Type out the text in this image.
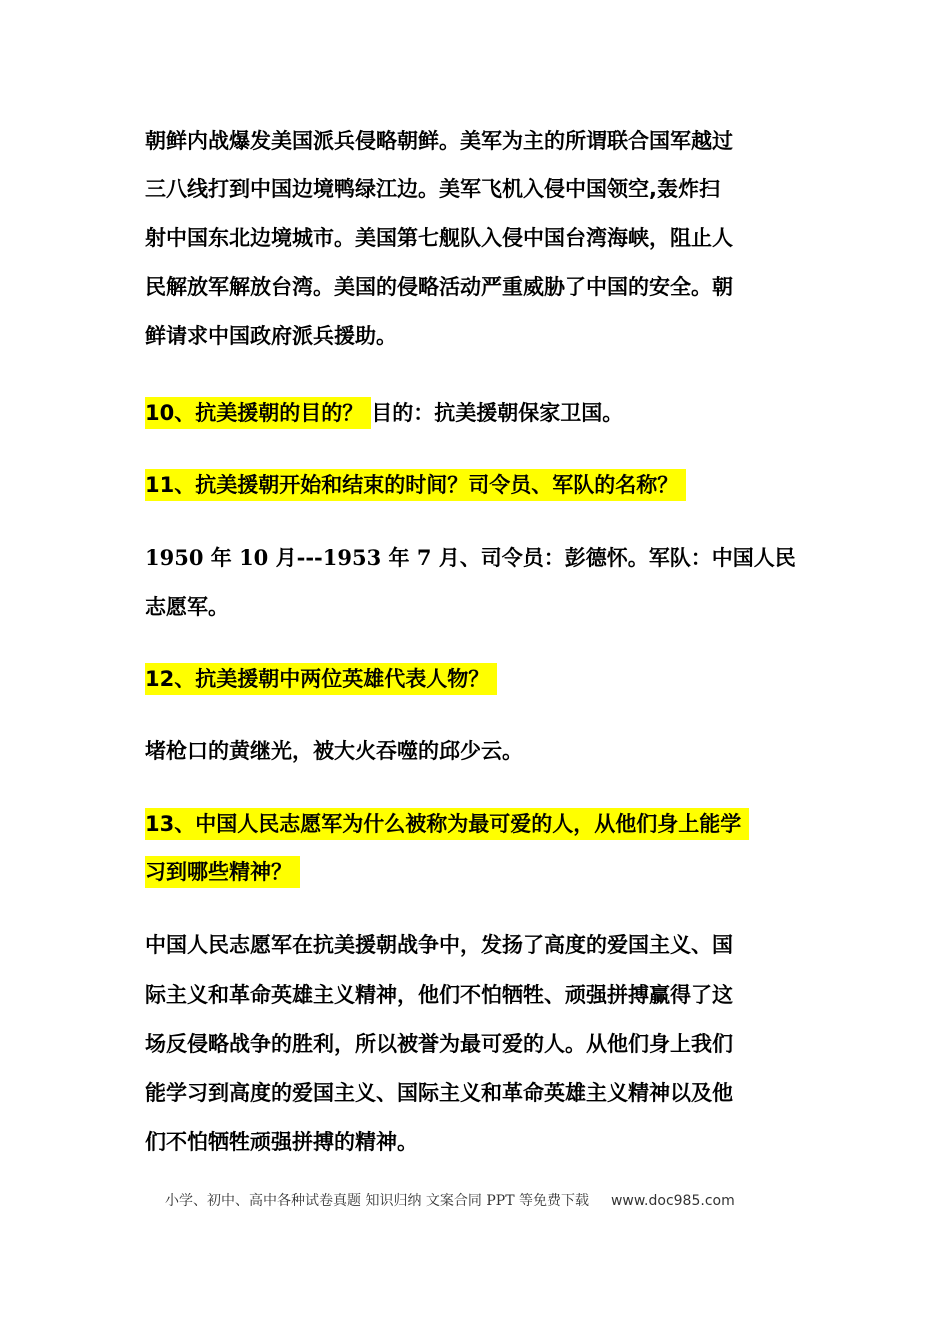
朝鲜内战爆发美国派兵侵略朝鲜。美军为主的所谓联合国军越过
三八线打到中国边境鸭绿江边。美军飞机入侵中国领空,轰炸扫
射中国东北边境城市。美国第七舰队入侵中国台湾海峡，阻止人
民解放军解放台湾。美国的侵略活动严重威胁了中国的安全。朝
鲜请求中国政府派兵援助。
10、抗美援朝的目的？ 目的：抗美援朝保家卫国。
11、抗美援朝开始和结束的时间？司令员、军队的名称？
1950 年 10 月---1953 年 7 月、司令员：彭德怀。军队：中国人民
志愿军。
12、抗美援朝中两位英雄代表人物？
堵枪口的黄继光，被大火吞噬的邱少云。
13、中国人民志愿军为什么被称为最可爱的人，从他们身上能学
习到哪些精神？
中国人民志愿军在抗美援朝战争中，发扬了高度的爱国主义、国
际主义和革命英雄主义精神，他们不怕牺牲、顽强拼搏赢得了这
场反侵略战争的胜利，所以被誉为最可爱的人。从他们身上我们
能学习到高度的爱国主义、国际主义和革命英雄主义精神以及他
们不怕牺牲顽强拼搏的精神。
小学、初中、高中各种试卷真题 知识归纳 文案合同 PPT 等免费下载 www.doc985.com
